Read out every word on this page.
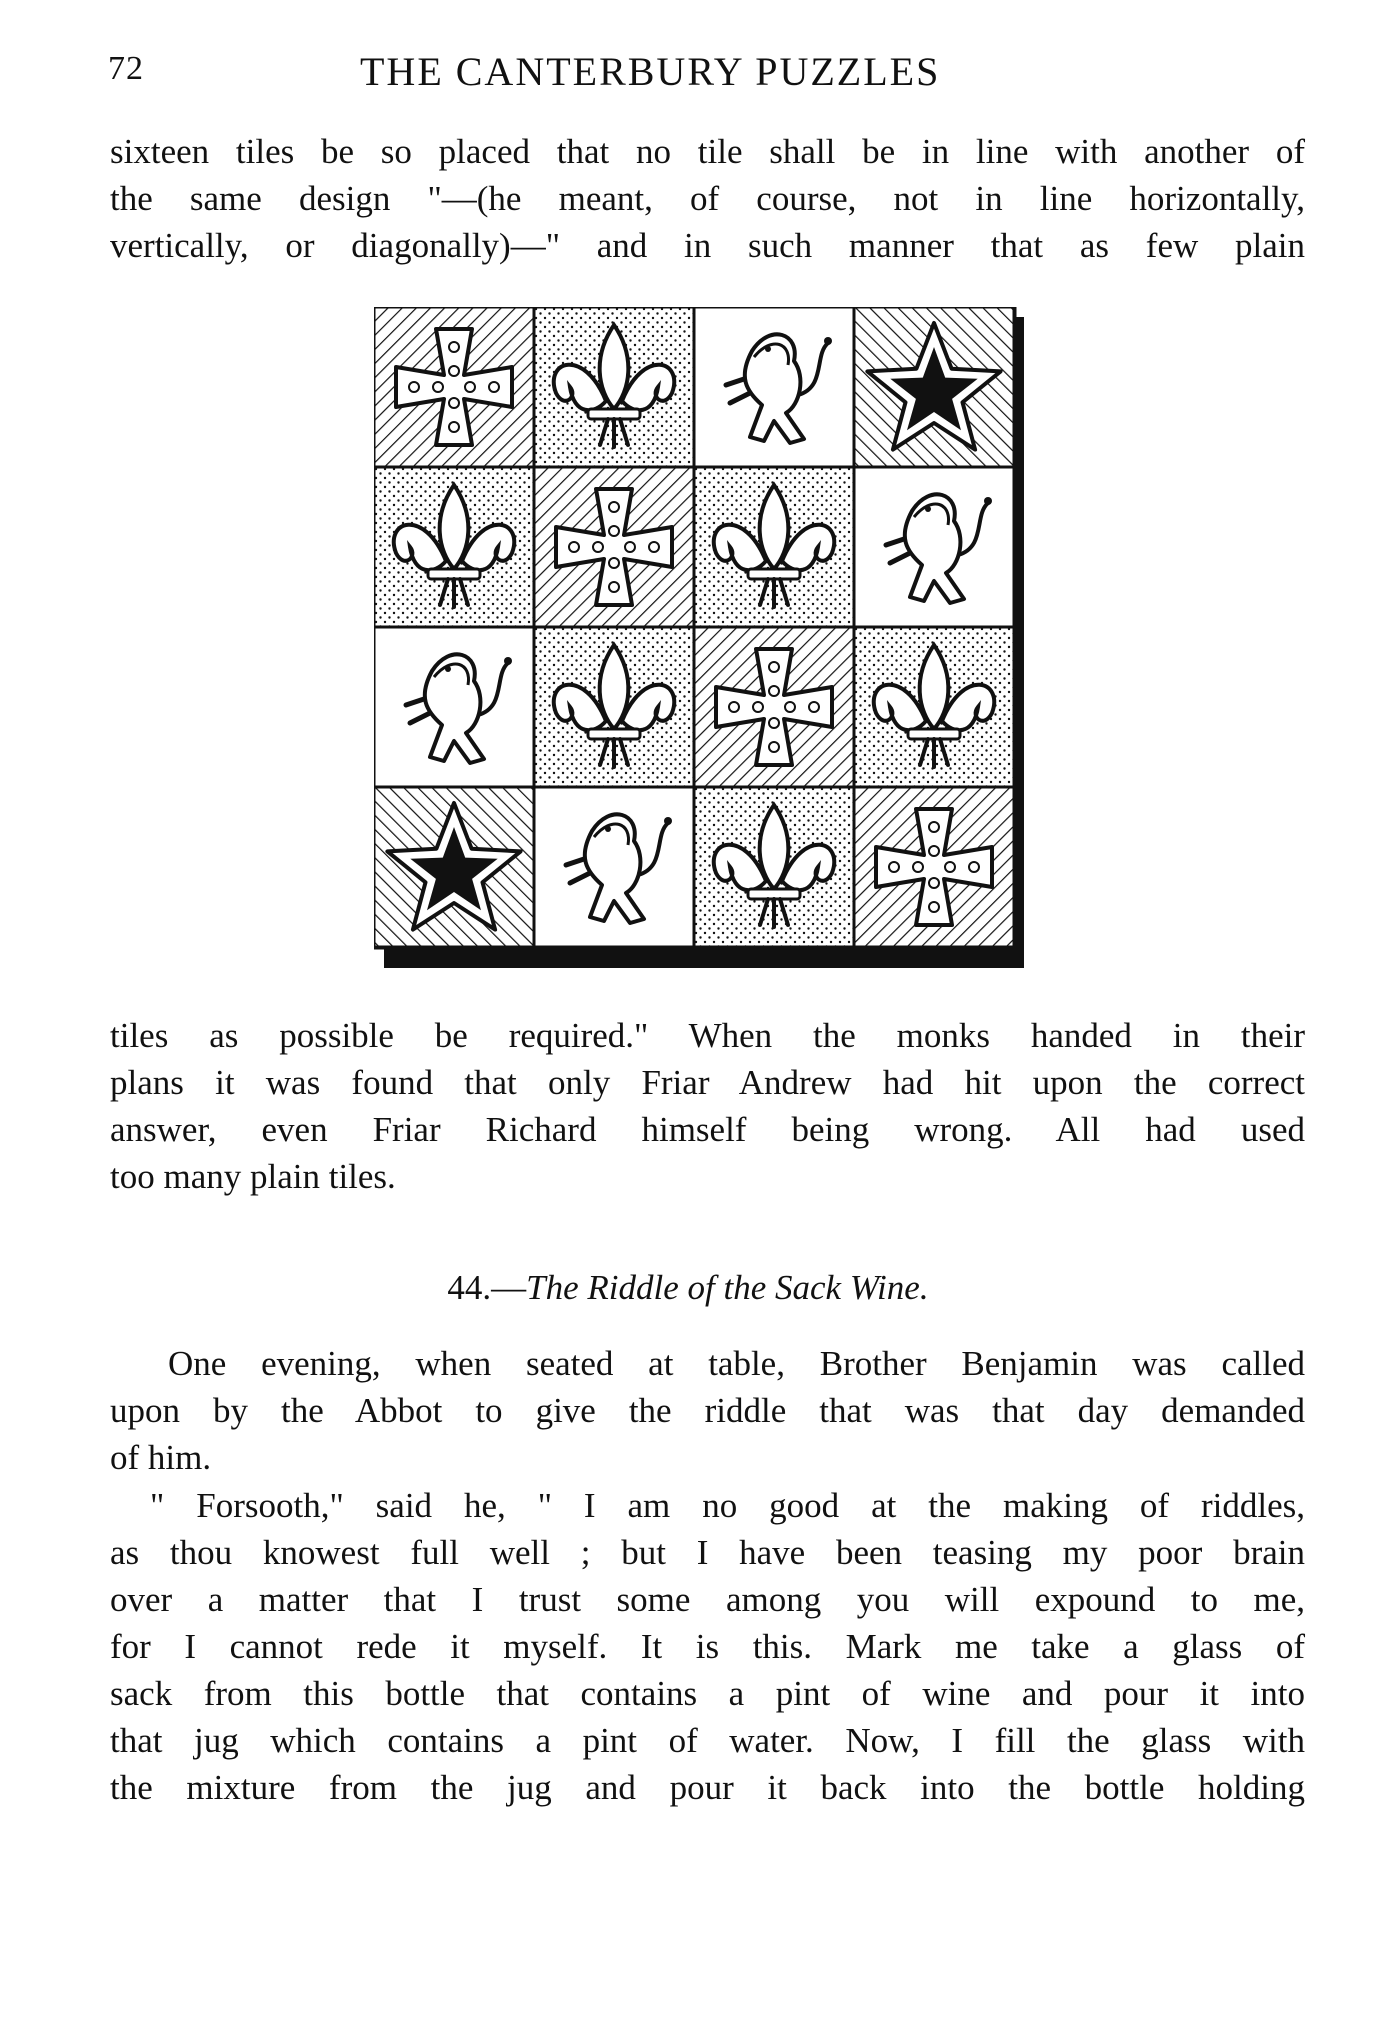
72	THE CANTERBURY PUZZLES

sixteen tiles be so placed that no tile shall be in line with another of
the same design "—(he meant, of course, not in line horizontally,
vertically, or diagonally)—" and in such manner that as few plain

tiles as possible be required." When the monks handed in their
plans it was found that only Friar Andrew had hit upon the correct
answer, even Friar Richard himself being wrong. All had used
too many plain tiles.

44.—The Riddle of the Sack Wine.

One evening, when seated at table, Brother Benjamin was called
upon by the Abbot to give the riddle that was that day demanded
of him.

" Forsooth," said he, " I am no good at the making of riddles,
as thou knowest full well ; but I have been teasing my poor brain
over a matter that I trust some among you will expound to me,
for I cannot rede it myself. It is this. Mark me take a glass of
sack from this bottle that contains a pint of wine and pour it into
that jug which contains a pint of water. Now, I fill the glass with
the mixture from the jug and pour it back into the bottle holding
